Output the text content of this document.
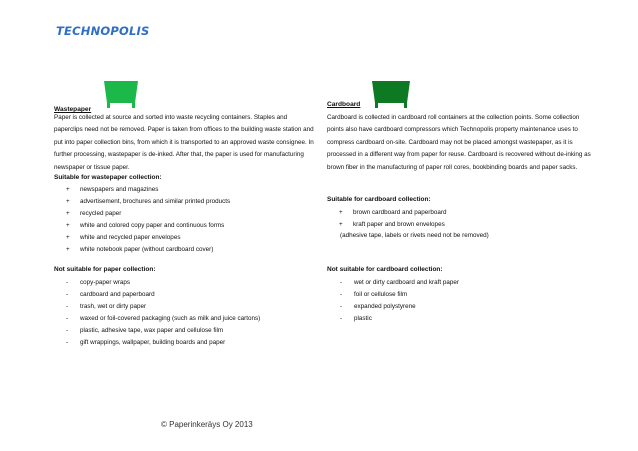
TECHNOPOLIS
Wastepaper
Paper is collected at source and sorted into waste recycling containers. Staples and paperclips need not be removed. Paper is taken from offices to the building waste station and put into paper collection bins, from which it is transported to an approved waste consignee. In further processing, wastepaper is de-inked. After that, the paper is used for manufacturing newspaper or tissue paper.
Suitable for wastepaper collection:
+ newspapers and magazines
+ advertisement, brochures and similar printed products
+ recycled paper
+ white and colored copy paper and continuous forms
+ white and recycled paper envelopes
+ white notebook paper (without cardboard cover)
Not suitable for paper collection:
- copy-paper wraps
- cardboard and paperboard
- trash, wet or dirty paper
- waxed or foil-covered packaging (such as milk and juice cartons)
- plastic, adhesive tape, wax paper and cellulose film
- gift wrappings, wallpaper, building boards and paper
Cardboard
Cardboard is collected in cardboard roll containers at the collection points. Some collection points also have cardboard compressors which Technopolis property maintenance uses to compress cardboard on-site. Cardboard may not be placed amongst wastepaper, as it is processed in a different way from paper for reuse. Cardboard is recovered without de-inking as brown fiber in the manufacturing of paper roll cores, bookbinding boards and paper sacks.
Suitable for cardboard collection:
+ brown cardboard and paperboard
+ kraft paper and brown envelopes
(adhesive tape, labels or rivets need not be removed)
Not suitable for cardboard collection:
- wet or dirty cardboard and kraft paper
- foil or cellulose film
- expanded polystyrene
- plastic
© Paperinkeräys Oy 2013
